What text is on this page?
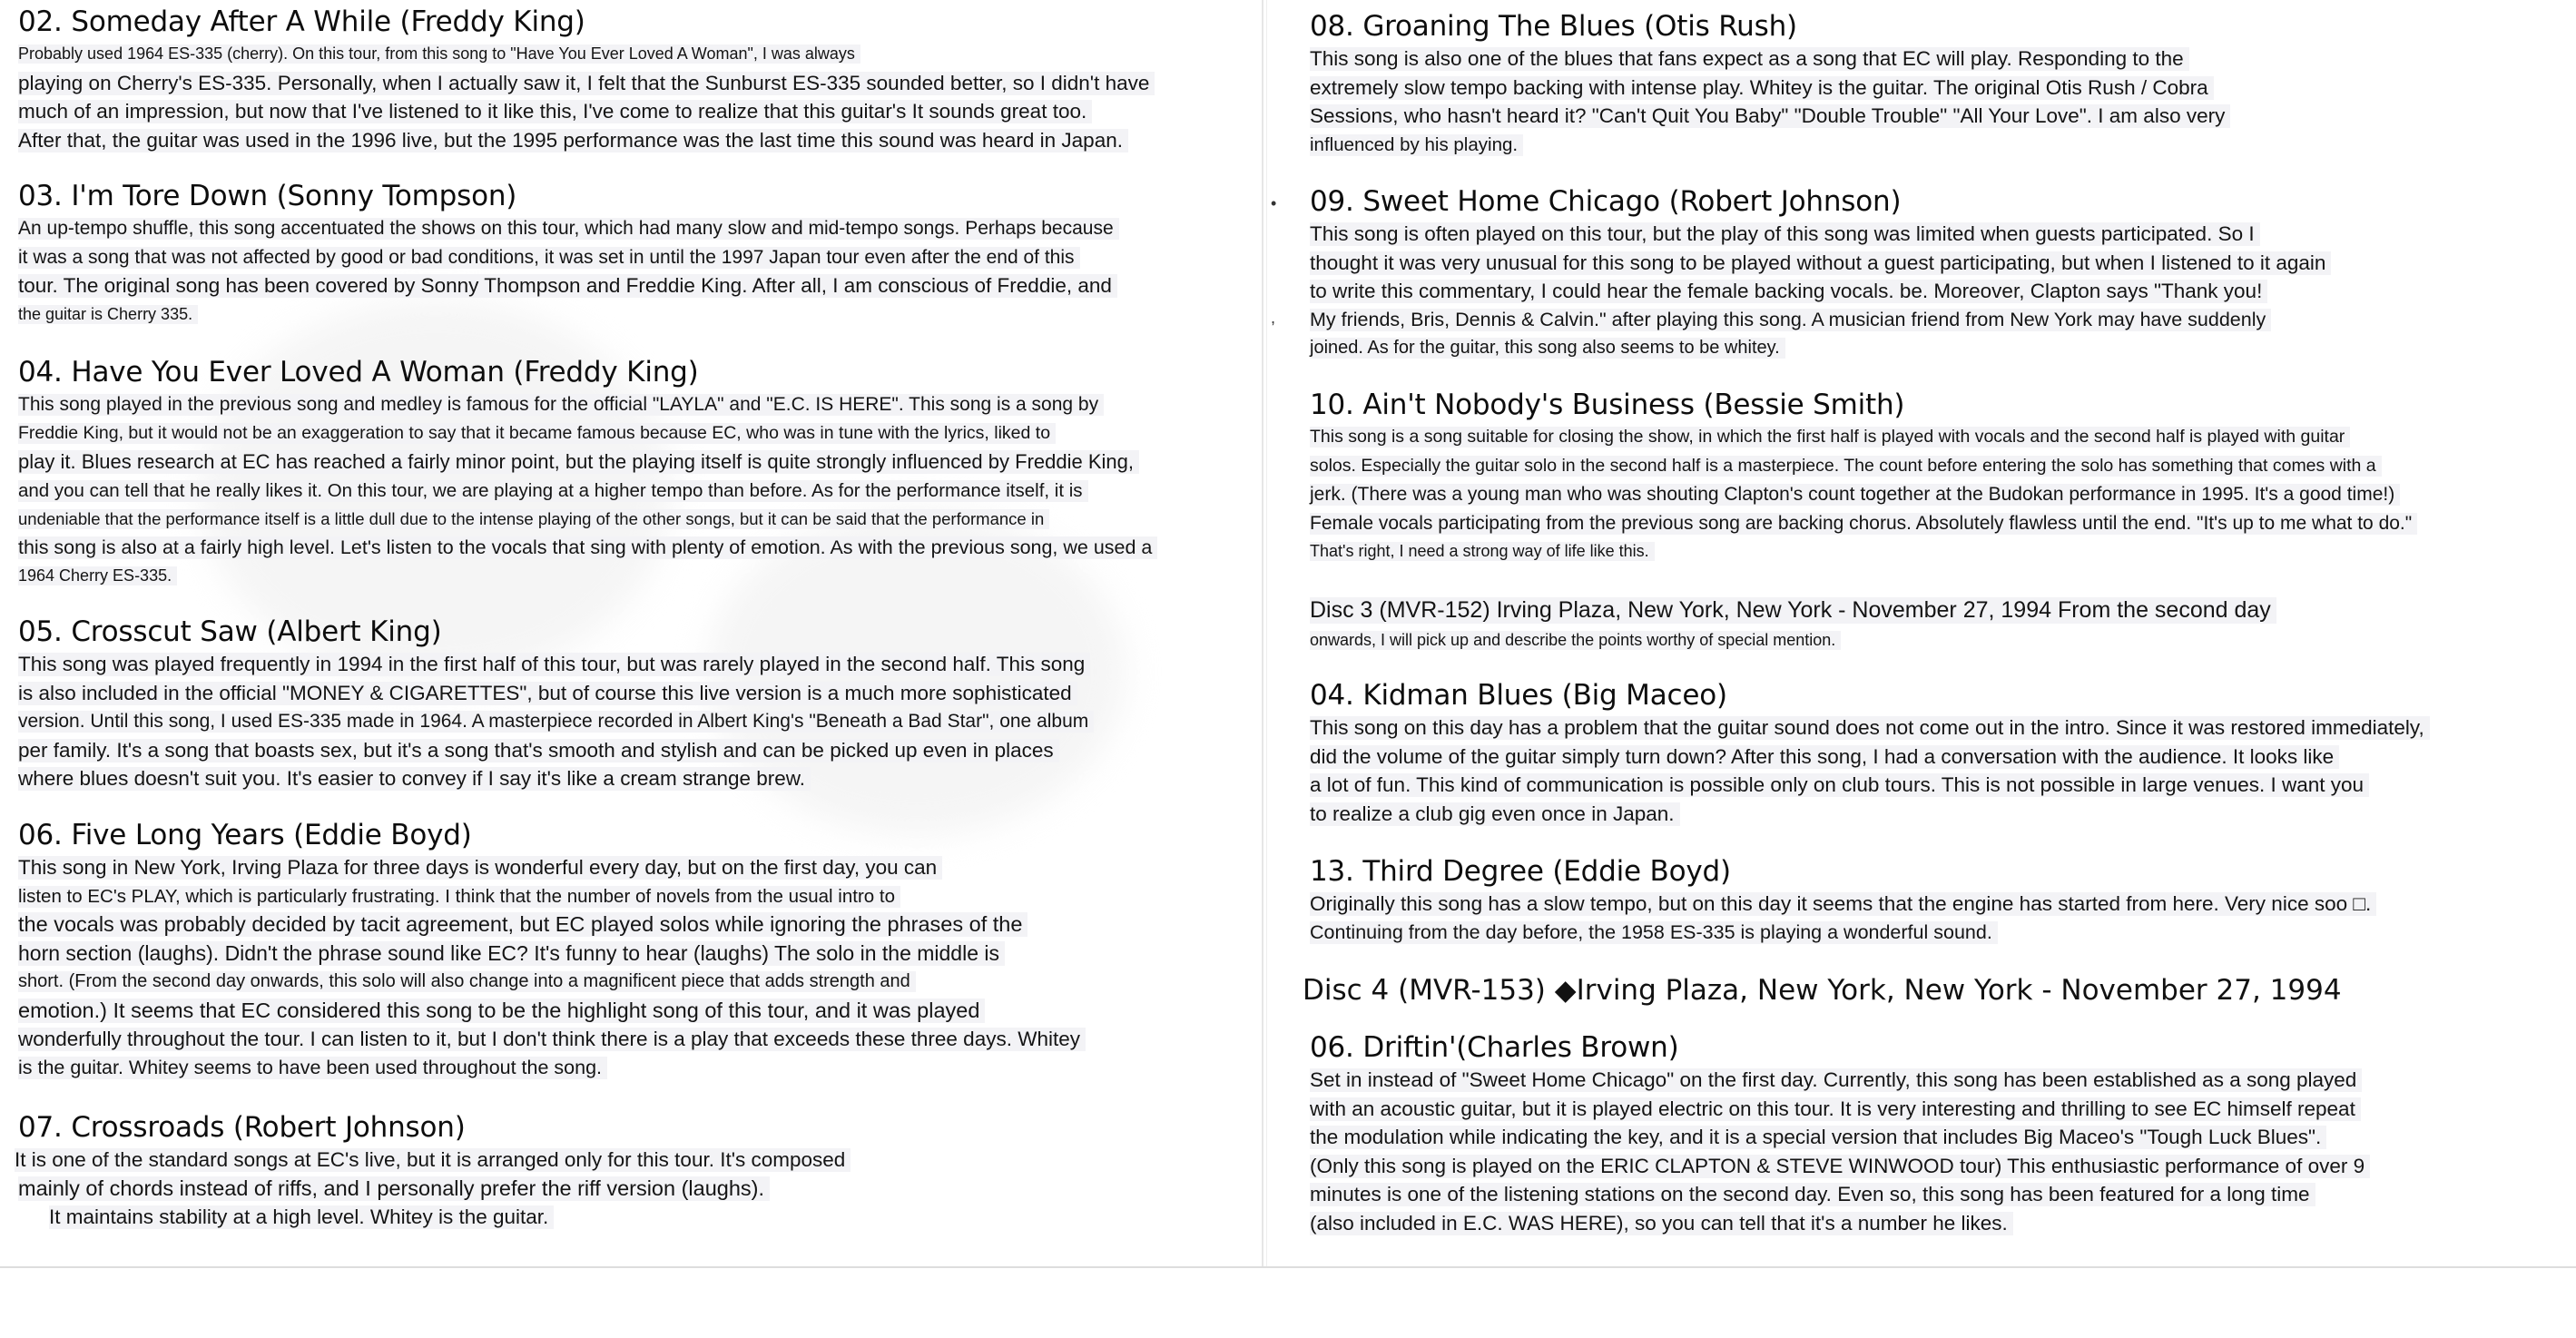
02. Someday After A While (Freddy King)
Probably used 1964 ES-335 (cherry). On this tour, from this song to "Have You Ever Loved A Woman", I was always
playing on Cherry's ES-335. Personally, when I actually saw it, I felt that the Sunburst ES-335 sounded better, so I didn't have
much of an impression, but now that I've listened to it like this, I've come to realize that this guitar's It sounds great too.
After that, the guitar was used in the 1996 live, but the 1995 performance was the last time this sound was heard in Japan.
03. I'm Tore Down (Sonny Tompson)
An up-tempo shuffle, this song accentuated the shows on this tour, which had many slow and mid-tempo songs. Perhaps because
it was a song that was not affected by good or bad conditions, it was set in until the 1997 Japan tour even after the end of this
tour. The original song has been covered by Sonny Thompson and Freddie King. After all, I am conscious of Freddie, and
the guitar is Cherry 335.
04. Have You Ever Loved A Woman (Freddy King)
This song played in the previous song and medley is famous for the official "LAYLA" and "E.C. IS HERE". This song is a song by
Freddie King, but it would not be an exaggeration to say that it became famous because EC, who was in tune with the lyrics, liked to
play it. Blues research at EC has reached a fairly minor point, but the playing itself is quite strongly influenced by Freddie King,
and you can tell that he really likes it. On this tour, we are playing at a higher tempo than before. As for the performance itself, it is
undeniable that the performance itself is a little dull due to the intense playing of the other songs, but it can be said that the performance in
this song is also at a fairly high level. Let's listen to the vocals that sing with plenty of emotion. As with the previous song, we used a
1964 Cherry ES-335.
05. Crosscut Saw (Albert King)
This song was played frequently in 1994 in the first half of this tour, but was rarely played in the second half. This song
is also included in the official "MONEY & CIGARETTES", but of course this live version is a much more sophisticated
version. Until this song, I used ES-335 made in 1964. A masterpiece recorded in Albert King's "Beneath a Bad Star", one album
per family. It's a song that boasts sex, but it's a song that's smooth and stylish and can be picked up even in places
where blues doesn't suit you. It's easier to convey if I say it's like a cream strange brew.
06. Five Long Years (Eddie Boyd)
This song in New York, Irving Plaza for three days is wonderful every day, but on the first day, you can
listen to EC's PLAY, which is particularly frustrating. I think that the number of novels from the usual intro to
the vocals was probably decided by tacit agreement, but EC played solos while ignoring the phrases of the
horn section (laughs). Didn't the phrase sound like EC? It's funny to hear (laughs) The solo in the middle is
short. (From the second day onwards, this solo will also change into a magnificent piece that adds strength and
emotion.) It seems that EC considered this song to be the highlight song of this tour, and it was played
wonderfully throughout the tour. I can listen to it, but I don't think there is a play that exceeds these three days. Whitey
is the guitar. Whitey seems to have been used throughout the song.
07. Crossroads (Robert Johnson)
It is one of the standard songs at EC's live, but it is arranged only for this tour. It's composed
mainly of chords instead of riffs, and I personally prefer the riff version (laughs).
It maintains stability at a high level. Whitey is the guitar.
•
,
08. Groaning The Blues (Otis Rush)
This song is also one of the blues that fans expect as a song that EC will play. Responding to the
extremely slow tempo backing with intense play. Whitey is the guitar. The original Otis Rush / Cobra
Sessions, who hasn't heard it? "Can't Quit You Baby" "Double Trouble" "All Your Love". I am also very
influenced by his playing.
09. Sweet Home Chicago (Robert Johnson)
This song is often played on this tour, but the play of this song was limited when guests participated. So I
thought it was very unusual for this song to be played without a guest participating, but when I listened to it again
to write this commentary, I could hear the female backing vocals. be. Moreover, Clapton says "Thank you!
My friends, Bris, Dennis & Calvin." after playing this song. A musician friend from New York may have suddenly
joined. As for the guitar, this song also seems to be whitey.
10. Ain't Nobody's Business (Bessie Smith)
This song is a song suitable for closing the show, in which the first half is played with vocals and the second half is played with guitar
solos. Especially the guitar solo in the second half is a masterpiece. The count before entering the solo has something that comes with a
jerk. (There was a young man who was shouting Clapton's count together at the Budokan performance in 1995. It's a good time!)
Female vocals participating from the previous song are backing chorus. Absolutely flawless until the end. "It's up to me what to do."
That's right, I need a strong way of life like this.
Disc 3 (MVR-152) Irving Plaza, New York, New York - November 27, 1994 From the second day
onwards, I will pick up and describe the points worthy of special mention.
04. Kidman Blues (Big Maceo)
This song on this day has a problem that the guitar sound does not come out in the intro. Since it was restored immediately,
did the volume of the guitar simply turn down? After this song, I had a conversation with the audience. It looks like
a lot of fun. This kind of communication is possible only on club tours. This is not possible in large venues. I want you
to realize a club gig even once in Japan.
13. Third Degree (Eddie Boyd)
Originally this song has a slow tempo, but on this day it seems that the engine has started from here. Very nice soo □.
Continuing from the day before, the 1958 ES-335 is playing a wonderful sound.
Disc 4 (MVR-153) ◆Irving Plaza, New York, New York - November 27, 1994
06. Driftin'(Charles Brown)
Set in instead of "Sweet Home Chicago" on the first day. Currently, this song has been established as a song played
with an acoustic guitar, but it is played electric on this tour. It is very interesting and thrilling to see EC himself repeat
the modulation while indicating the key, and it is a special version that includes Big Maceo's "Tough Luck Blues".
(Only this song is played on the ERIC CLAPTON & STEVE WINWOOD tour) This enthusiastic performance of over 9
minutes is one of the listening stations on the second day. Even so, this song has been featured for a long time
(also included in E.C. WAS HERE), so you can tell that it's a number he likes.
